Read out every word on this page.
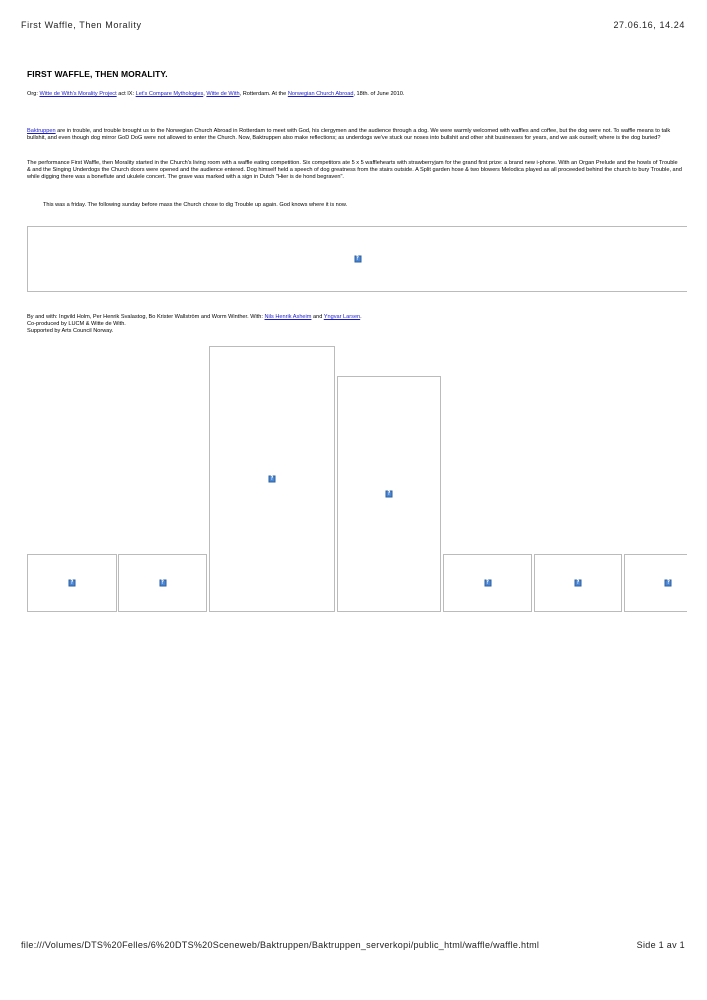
First Waffle, Then Morality	27.06.16, 14.24
FIRST WAFFLE, THEN MORALITY.
Org: Witte de With's Morality Project act IX: Let's Compare Mythologies, Witte de With, Rotterdam. At the Norwegian Church Abroad, 18th. of June 2010.
Baktruppen are in trouble, and trouble brought us to the Norwegian Church Abroad in Rotterdam to meet with God, his clergymen and the audience through a dog. We were warmly welcomed with waffles and coffee, but the dog were not. To waffle means to talk bullshit, and even though dog mirror GoD DoG were not allowed to enter the Church. Now, Baktruppen also make reflections; as underdogs we've stuck our noses into bullshit and other shit businesses for years, and we ask ourself; where is the dog buried?
The performance First Waffle, then Morality started in the Church's living room with a waffle eating competition. Six competitors ate 5 x 5 wafflehearts with strawberryjam for the grand first prize: a brand new i-phone. With an Organ Prelude and the howls of Trouble & and the Singing Underdogs the Church doors were opened and the audience entered. Dog himself held a speech of dog greatness from the stairs outside. A Split garden hose & two blowers Melodica played as all proceeded behind the church to bury Trouble, and while digging there was a boneflute and ukulele concert. The grave was marked with a sign in Dutch "Hier is de hond begraven".
This was a friday. The following sunday before mass the Church chose to dig Trouble up again. God knows where it is now.
?
By and with: Ingvild Holm, Per Henrik Svalastog, Bo Krister Wallström and Worm Winther. With: Nils Henrik Asheim and Yngvar Larsen.
Co-produced by LUCM & Witte de With.
Supported by Arts Council Norway.
?	?
?
?
?	?	?
file:///Volumes/DTS%20Felles/6%20DTS%20Sceneweb/Baktruppen/Baktruppen_serverkopi/public_html/waffle/waffle.html	Side 1 av 1
